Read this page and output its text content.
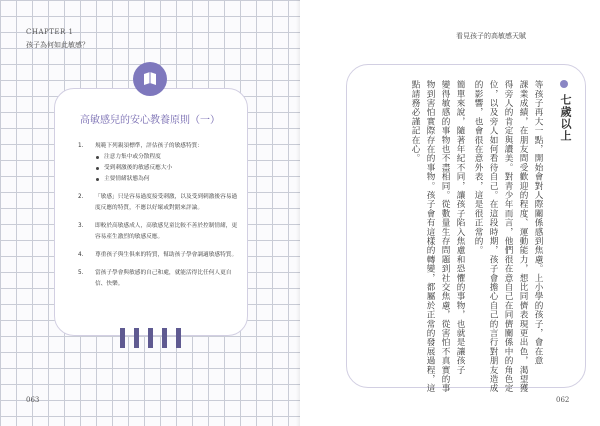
CHAPTER 1
孩子為何如此敏感？
高敏感兒的安心教養原則（一）
1. 規範下列親須標準，評估孩子的敏感特質：
注意力集中或分散程度
受到刺激後的敏感反應大小
主要情緒狀態為何
2. 「敏感」只是容易過度接受刺激，以及受到刺激後容易過度反應的特質，不應以好壞或對錯來評論。
3. 即較於高敏感成人，高敏感兒童比較不善於控制情緒，更容易產生激烈的敏感反應。
4. 尊重孩子與生俱來的特質，幫助孩子學會調適敏感特質。
5. 當孩子學會與敏感的自己和處，就能活得比任何人更自信、快樂。
063
看見孩子的高敏感天賦
七歲以上
等孩子再大一點，開始會對人際關係感到焦慮。上小學的孩子，會在意
課業成績，在朋友間受歡迎的程度、運動能力，想比同儕表現更出色，渴望獲
得旁人的肯定與讚美。對青少年而言，他們很在意自己在同儕關係中的角色定
位，以及旁人如何看待自己。在這段時期，孩子會擔心自己的言行對朋友造成
的影響，也會很在意外表，這是很正常的。
簡單來說，隨著年紀不同，讓孩子陷入焦慮和恐懼的事物，也就是讓孩子
變得敏感的事物也不盡相同。從數量生存問題到社交焦慮，從害怕不真實的事
物到害怕實際存在的事物。孩子會有這樣的轉變，都屬於正常的發展過程，這
點請務必謹記在心。
062
